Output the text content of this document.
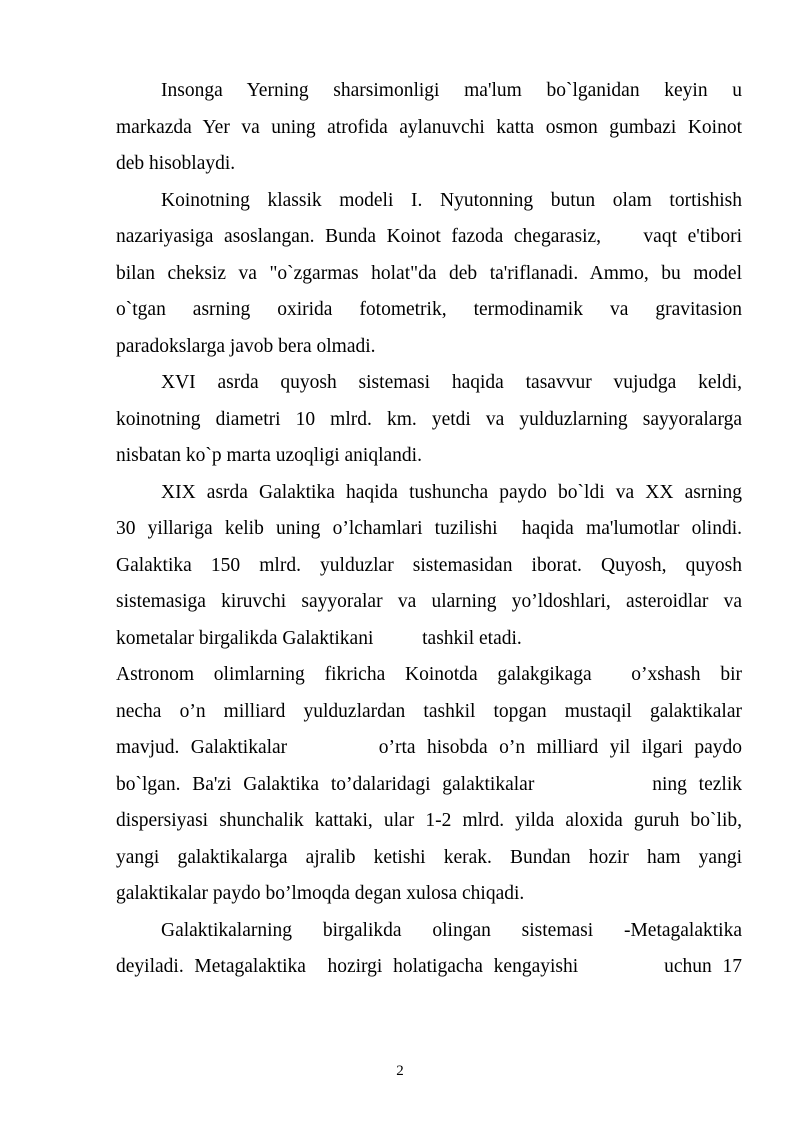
Insonga Yerning sharsimonligi ma'lum bo`lganidan keyin u
markazda Yer va uning atrofida aylanuvchi katta osmon gumbazi Koinot
deb hisoblaydi.
Koinotning klassik modeli I. Nyutonning butun olam tortishish
nazariyasiga asoslangan. Bunda Koinot fazoda chegarasiz,    vaqt e'tibori
bilan cheksiz va "o`zgarmas holat"da deb ta'riflanadi. Ammo, bu model
o`tgan asrning oxirida fotometrik, termodinamik va gravitasion
paradokslarga javob bera olmadi.
XVI asrda quyosh sistemasi haqida tasavvur vujudga keldi,
koinotning diametri 10 mlrd. km. yetdi va yulduzlarning sayyoralarga
nisbatan ko`p marta uzoqligi aniqlandi.
XIX asrda Galaktika haqida tushuncha paydo bo`ldi va XX asrning
30 yillariga kelib uning o’lchamlari tuzilishi  haqida ma'lumotlar olindi.
Galaktika 150 mlrd. yulduzlar sistemasidan iborat. Quyosh, quyosh
sistemasiga kiruvchi sayyoralar va ularning yo’ldoshlari, asteroidlar va
kometalar birgalikda Galaktikani          tashkil etadi.
Astronom olimlarning fikricha Koinotda galakgikaga  o’xshash bir
necha o’n milliard yulduzlardan tashkil topgan mustaqil galaktikalar
mavjud. Galaktikalar        o’rta hisobda o’n milliard yil ilgari paydo
bo`lgan. Ba'zi Galaktika to’dalaridagi galaktikalar          ning tezlik
dispersiyasi shunchalik kattaki, ular 1-2 mlrd. yilda aloxida guruh bo`lib,
yangi galaktikalarga ajralib ketishi kerak. Bundan hozir ham yangi
galaktikalar paydo bo’lmoqda degan xulosa chiqadi.
Galaktikalarning birgalikda olingan sistemasi -Metagalaktika
deyiladi. Metagalaktika  hozirgi holatigacha kengayishi        uchun 17
2
